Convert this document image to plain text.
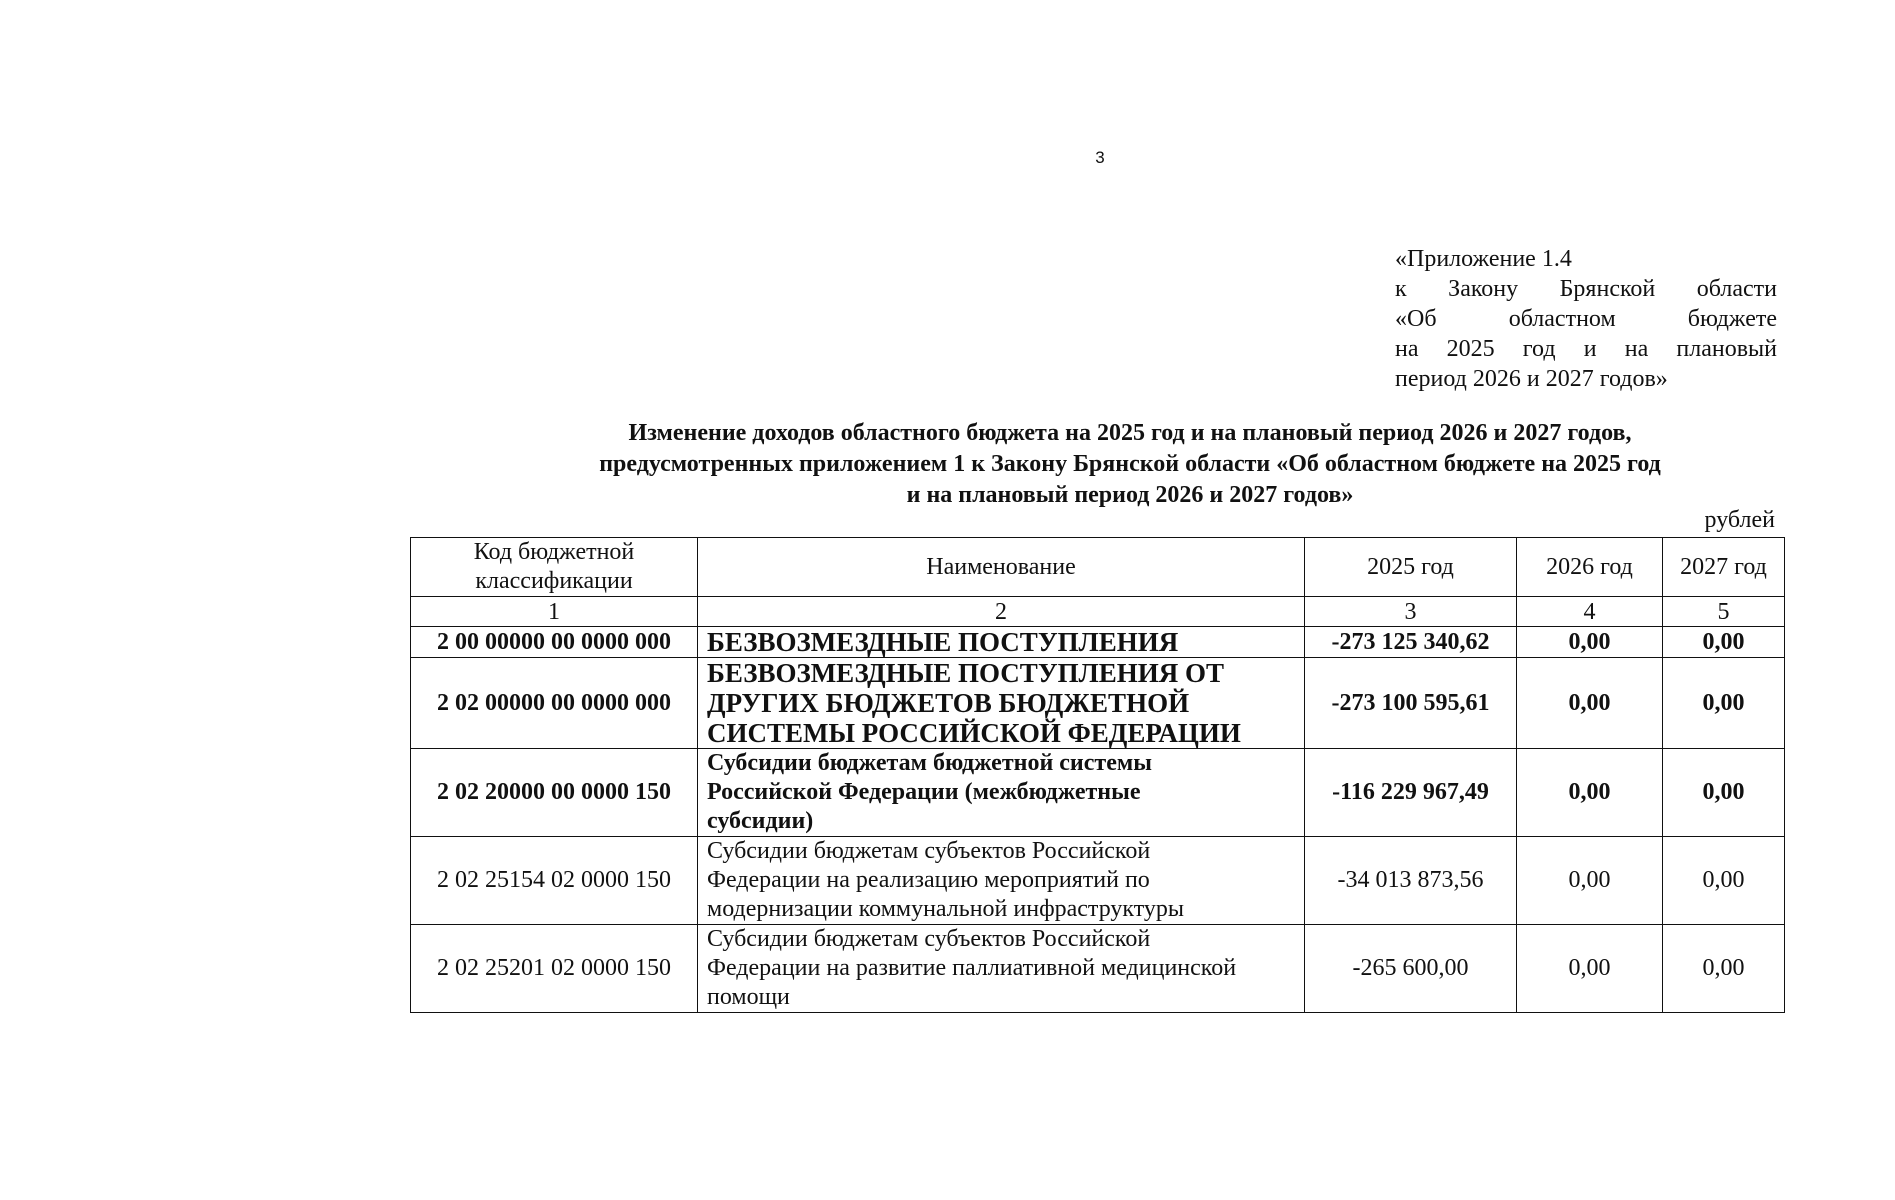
3
«Приложение 1.4
к Закону Брянской области
«Об областном бюджете
на 2025 год и на плановый
период 2026 и 2027 годов»
Изменение доходов областного бюджета на 2025 год и на плановый период 2026 и 2027 годов,
предусмотренных приложением 1 к Закону Брянской области «Об областном бюджете на 2025 год
и на плановый период 2026 и 2027 годов»
рублей
Код бюджетной
классификации	Наименование	2025 год	2026 год	2027 год
1	2	3	4	5
2 00 00000 00 0000 000	БЕЗВОЗМЕЗДНЫЕ ПОСТУПЛЕНИЯ	-273 125 340,62	0,00	0,00
2 02 00000 00 0000 000	БЕЗВОЗМЕЗДНЫЕ ПОСТУПЛЕНИЯ ОТ
ДРУГИХ БЮДЖЕТОВ БЮДЖЕТНОЙ
СИСТЕМЫ РОССИЙСКОЙ ФЕДЕРАЦИИ	-273 100 595,61	0,00	0,00
2 02 20000 00 0000 150	Субсидии бюджетам бюджетной системы
Российской Федерации (межбюджетные
субсидии)	-116 229 967,49	0,00	0,00
2 02 25154 02 0000 150	Субсидии бюджетам субъектов Российской
Федерации на реализацию мероприятий по
модернизации коммунальной инфраструктуры	-34 013 873,56	0,00	0,00
2 02 25201 02 0000 150	Субсидии бюджетам субъектов Российской
Федерации на развитие паллиативной медицинской
помощи	-265 600,00	0,00	0,00
